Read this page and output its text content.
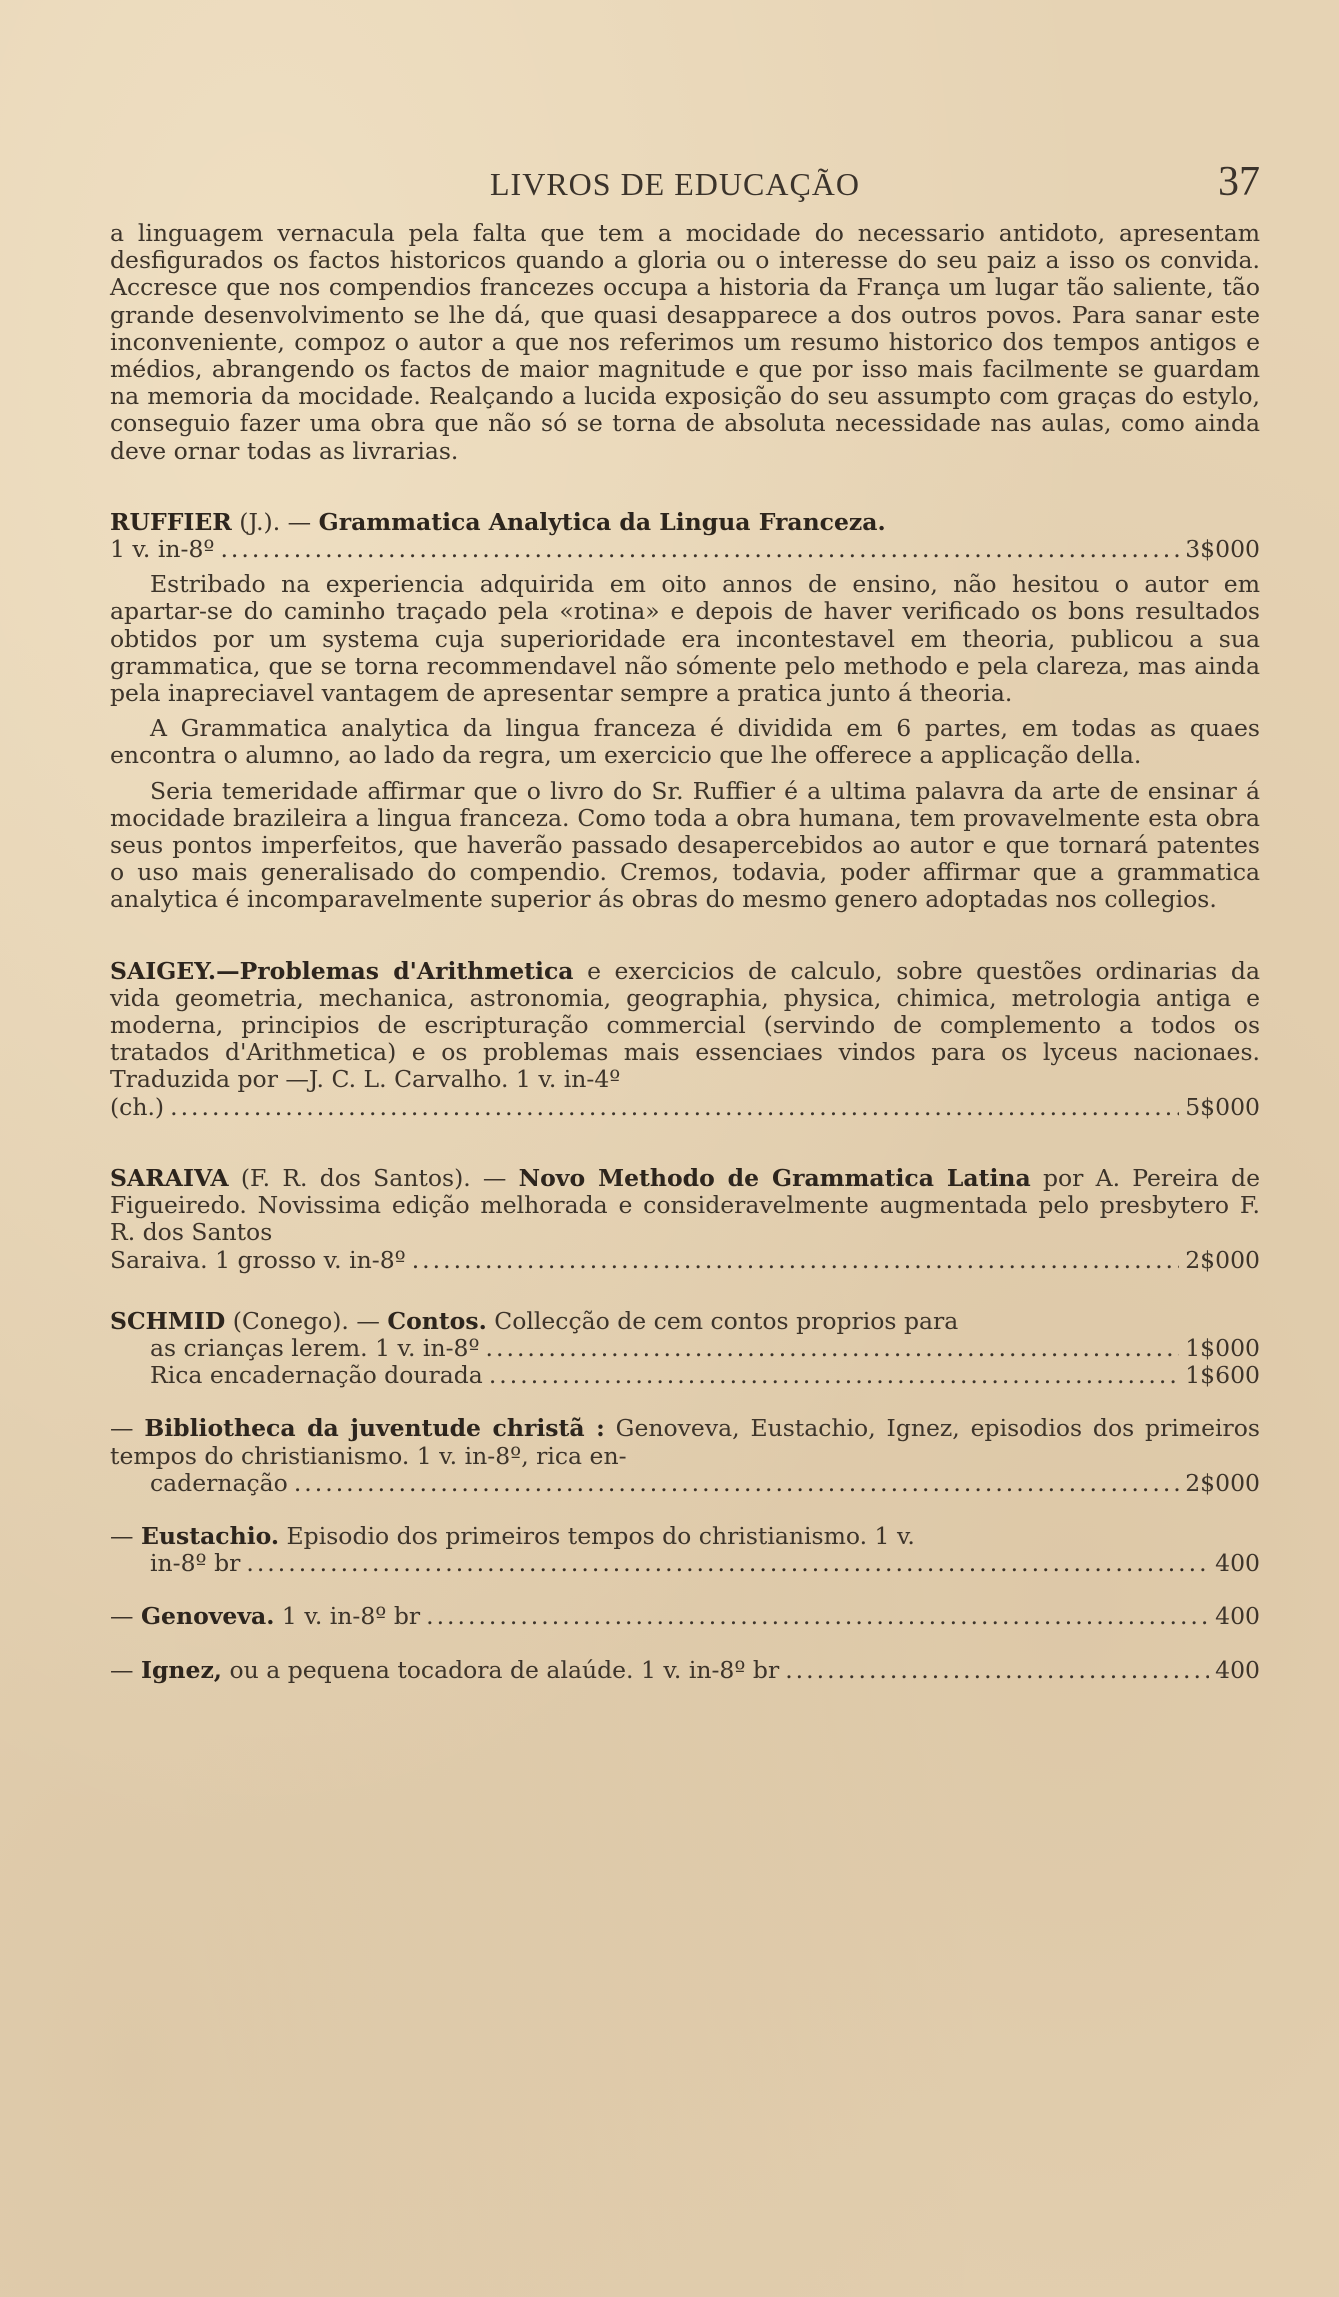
LIVROS DE EDUCAÇÃO	37

a linguagem vernacula pela falta que tem a mocidade do necessario antidoto, apresentam desfigurados os factos historicos quando a gloria ou o interesse do seu paiz a isso os convida. Accresce que nos compendios francezes occupa a historia da França um lugar tão saliente, tão grande desenvolvimento se lhe dá, que quasi desapparece a dos outros povos. Para sanar este inconveniente, compoz o autor a que nos referimos um resumo historico dos tempos antigos e médios, abrangendo os factos de maior magnitude e que por isso mais facilmente se guardam na memoria da mocidade. Realçando a lucida exposição do seu assumpto com graças do estylo, conseguio fazer uma obra que não só se torna de absoluta necessidade nas aulas, como ainda deve ornar todas as livrarias.

RUFFIER (J.). — Grammatica Analytica da Lingua Franceza.

1 v. in-8º .....	3$000

Estribado na experiencia adquirida em oito annos de ensino, não hesitou o autor em apartar-se do caminho traçado pela «rotina» e depois de haver verificado os bons resultados obtidos por um systema cuja superioridade era incontestavel em theoria, publicou a sua grammatica, que se torna recommendavel não sómente pelo methodo e pela clareza, mas ainda pela inapreciavel vantagem de apresentar sempre a pratica junto á theoria.

A Grammatica analytica da lingua franceza é dividida em 6 partes, em todas as quaes encontra o alumno, ao lado da regra, um exercicio que lhe offerece a applicação della.

Seria temeridade affirmar que o livro do Sr. Ruffier é a ultima palavra da arte de ensinar á mocidade brazileira a lingua franceza. Como toda a obra humana, tem provavelmente esta obra seus pontos imperfeitos, que haverão passado desapercebidos ao autor e que tornará patentes o uso mais generalisado do compendio. Cremos, todavia, poder affirmar que a grammatica analytica é incomparavelmente superior ás obras do mesmo genero adoptadas nos collegios.

SAIGEY.—Problemas d'Arithmetica e exercicios de calculo, sobre questões ordinarias da vida geometria, mechanica, astronomia, geographia, physica, chimica, metrologia antiga e moderna, principios de escripturação commercial (servindo de complemento a todos os tratados d'Arithmetica) e os problemas mais essenciaes vindos para os lyceus nacionaes. Traduzida por —J. C. L. Carvalho. 1 v. in-4º

(ch.) .....	5$000

SARAIVA (F. R. dos Santos). — Novo Methodo de Grammatica Latina por A. Pereira de Figueiredo. Novissima edição melhorada e consideravelmente augmentada pelo presbytero F. R. dos Santos

Saraiva. 1 grosso v. in-8º .....	2$000

SCHMID (Conego). — Contos. Collecção de cem contos proprios para

as crianças lerem. 1 v. in-8º .....	1$000
Rica encadernação dourada .....	1$600

— Bibliotheca da juventude christã : Genoveva, Eustachio, Ignez, episodios dos primeiros tempos do christianismo. 1 v. in-8º, rica en-

cadernação .....	2$000

— Eustachio. Episodio dos primeiros tempos do christianismo. 1 v.

in-8º br .....	400
— Genoveva. 1 v. in-8º br .....	400
— Ignez, ou a pequena tocadora de alaúde. 1 v. in-8º br .....	400
